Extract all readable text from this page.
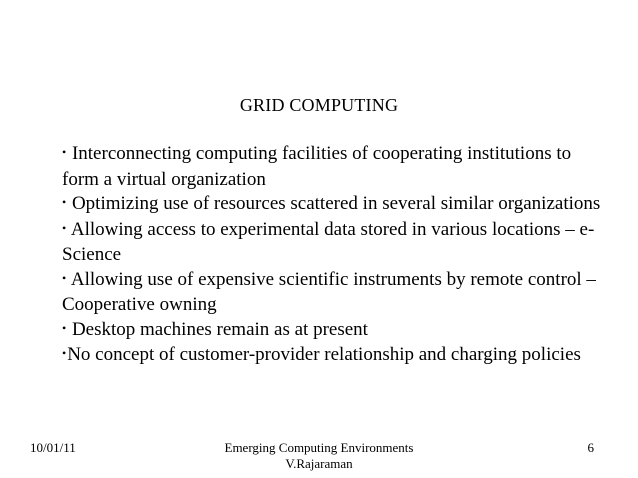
GRID COMPUTING
• Interconnecting computing facilities of cooperating institutions to form a virtual organization
• Optimizing use of resources scattered in several similar organizations
• Allowing access to experimental data stored in various locations – e-Science
• Allowing use of expensive scientific instruments by remote control – Cooperative owning
• Desktop machines remain as at present
•No concept of customer-provider relationship and charging policies
10/01/11	Emerging Computing Environments
V.Rajaraman
6
